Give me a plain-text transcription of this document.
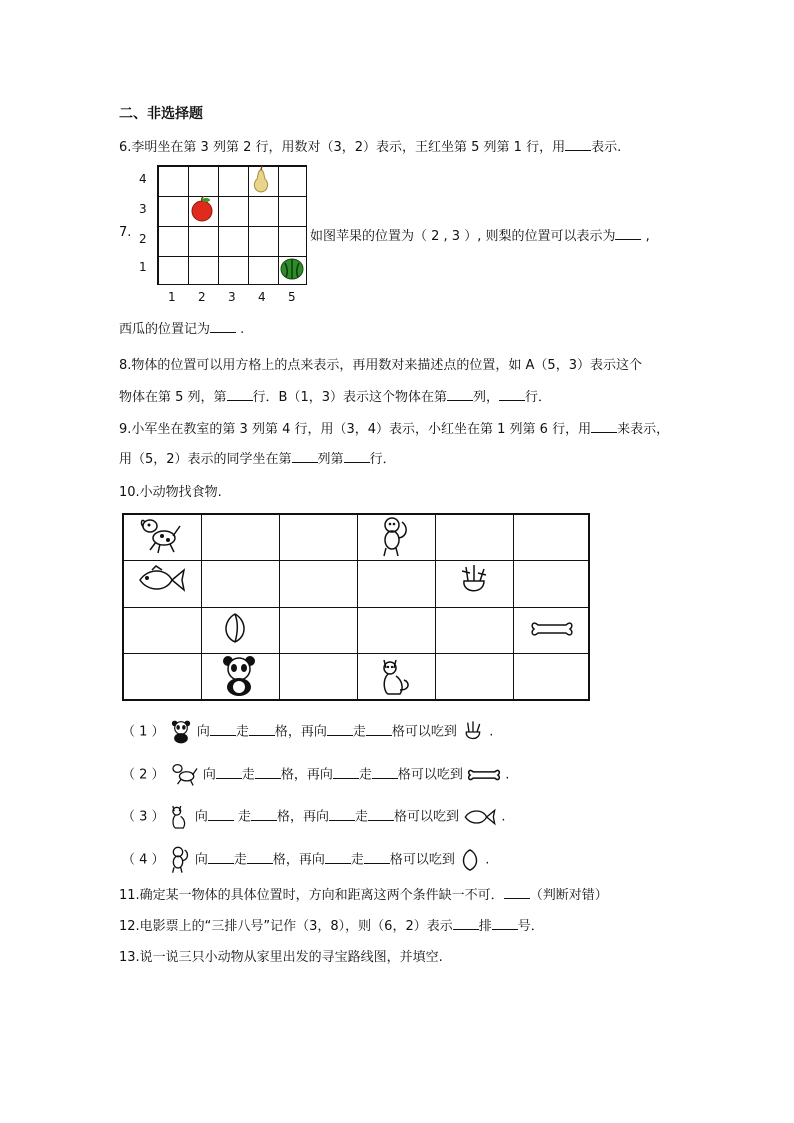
二、非选择题
6.李明坐在第 3 列第 2 行，用数对（3，2）表示，王红坐第 5 列第 1 行，用 表示.
4
3
2
1
1 2 3 4 5
7.	如图苹果的位置为（ 2 , 3 ）, 则梨的位置可以表示为 ,
西瓜的位置记为 .
8.物体的位置可以用方格上的点来表示，再用数对来描述点的位置，如 A（5，3）表示这个
物体在第 5 列，第 行．B（1，3）表示这个物体在第 列， 行．
9.小军坐在教室的第 3 列第 4 行，用（3，4）表示，小红坐在第 1 列第 6 行，用 来表示，
用（5，2）表示的同学坐在第 列第 行．
10.小动物找食物.
（ 1 ） 向 走 格，再向 走 格可以吃到 .
（ 2 ）	向 走 格，再向 走 格可以吃到	.
（ 3 ） 向 走 格，再向 走 格可以吃到	.
（ 4 ） 向 走 格，再向 走 格可以吃到 .
11.确定某一物体的具体位置时，方向和距离这两个条件缺一不可． （判断对错）
12.电影票上的“三排八号”记作（3，8），则（6，2）表示 排 号．
13.说一说三只小动物从家里出发的寻宝路线图，并填空.
